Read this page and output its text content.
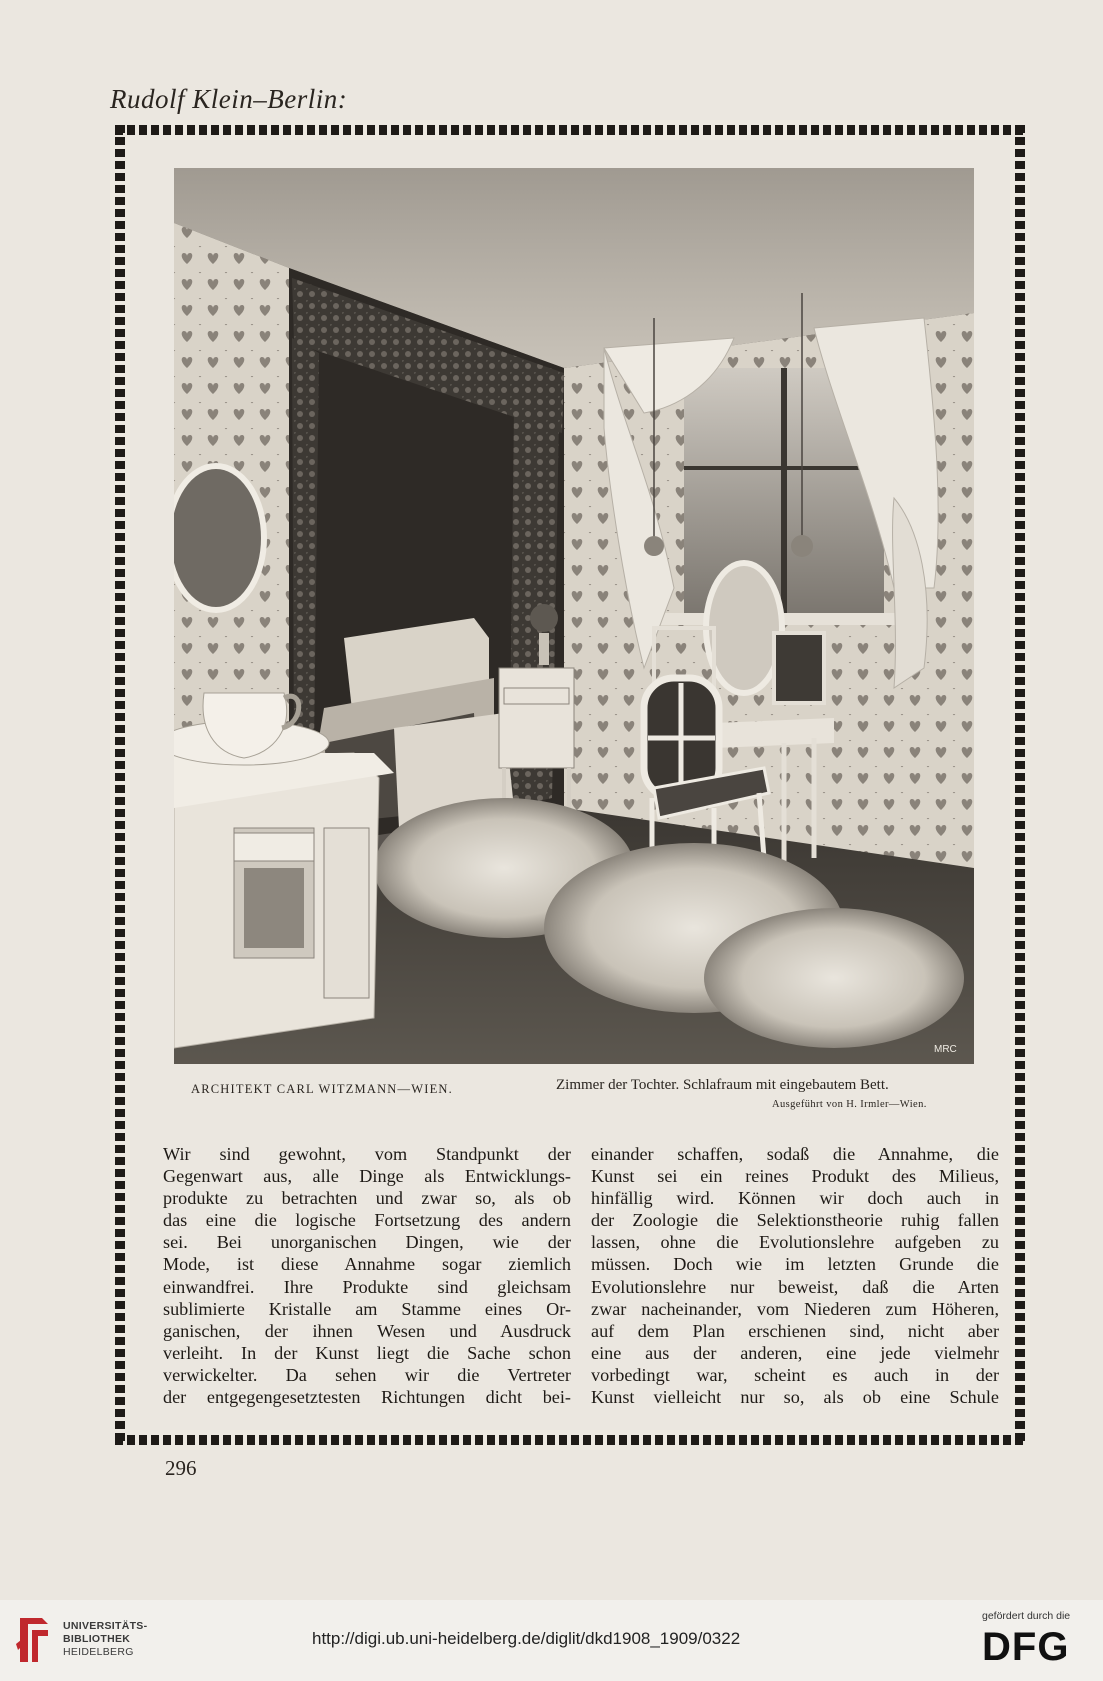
Rudolf Klein–Berlin:
MRC
ARCHITEKT CARL WITZMANN—WIEN.	Zimmer der Tochter. Schlafraum mit eingebautem Bett.
Ausgeführt von H. Irmler—Wien.
Wir sind gewohnt, vom Standpunkt der
Gegenwart aus, alle Dinge als Entwicklungs-
produkte zu betrachten und zwar so, als ob
das eine die logische Fortsetzung des andern
sei. Bei unorganischen Dingen, wie der
Mode, ist diese Annahme sogar ziemlich
einwandfrei. Ihre Produkte sind gleichsam
sublimierte Kristalle am Stamme eines Or-
ganischen, der ihnen Wesen und Ausdruck
verleiht. In der Kunst liegt die Sache schon
verwickelter. Da sehen wir die Vertreter
der entgegengesetztesten Richtungen dicht bei-
einander schaffen, sodaß die Annahme, die
Kunst sei ein reines Produkt des Milieus,
hinfällig wird. Können wir doch auch in
der Zoologie die Selektionstheorie ruhig fallen
lassen, ohne die Evolutionslehre aufgeben zu
müssen. Doch wie im letzten Grunde die
Evolutionslehre nur beweist, daß die Arten
zwar nacheinander, vom Niederen zum Höheren,
auf dem Plan erschienen sind, nicht aber
eine aus der anderen, eine jede vielmehr
vorbedingt war, scheint es auch in der
Kunst vielleicht nur so, als ob eine Schule
296
UNIVERSITÄTS-
BIBLIOTHEK
HEIDELBERG
http://digi.ub.uni-heidelberg.de/diglit/dkd1908_1909/0322
gefördert durch die
DFG
